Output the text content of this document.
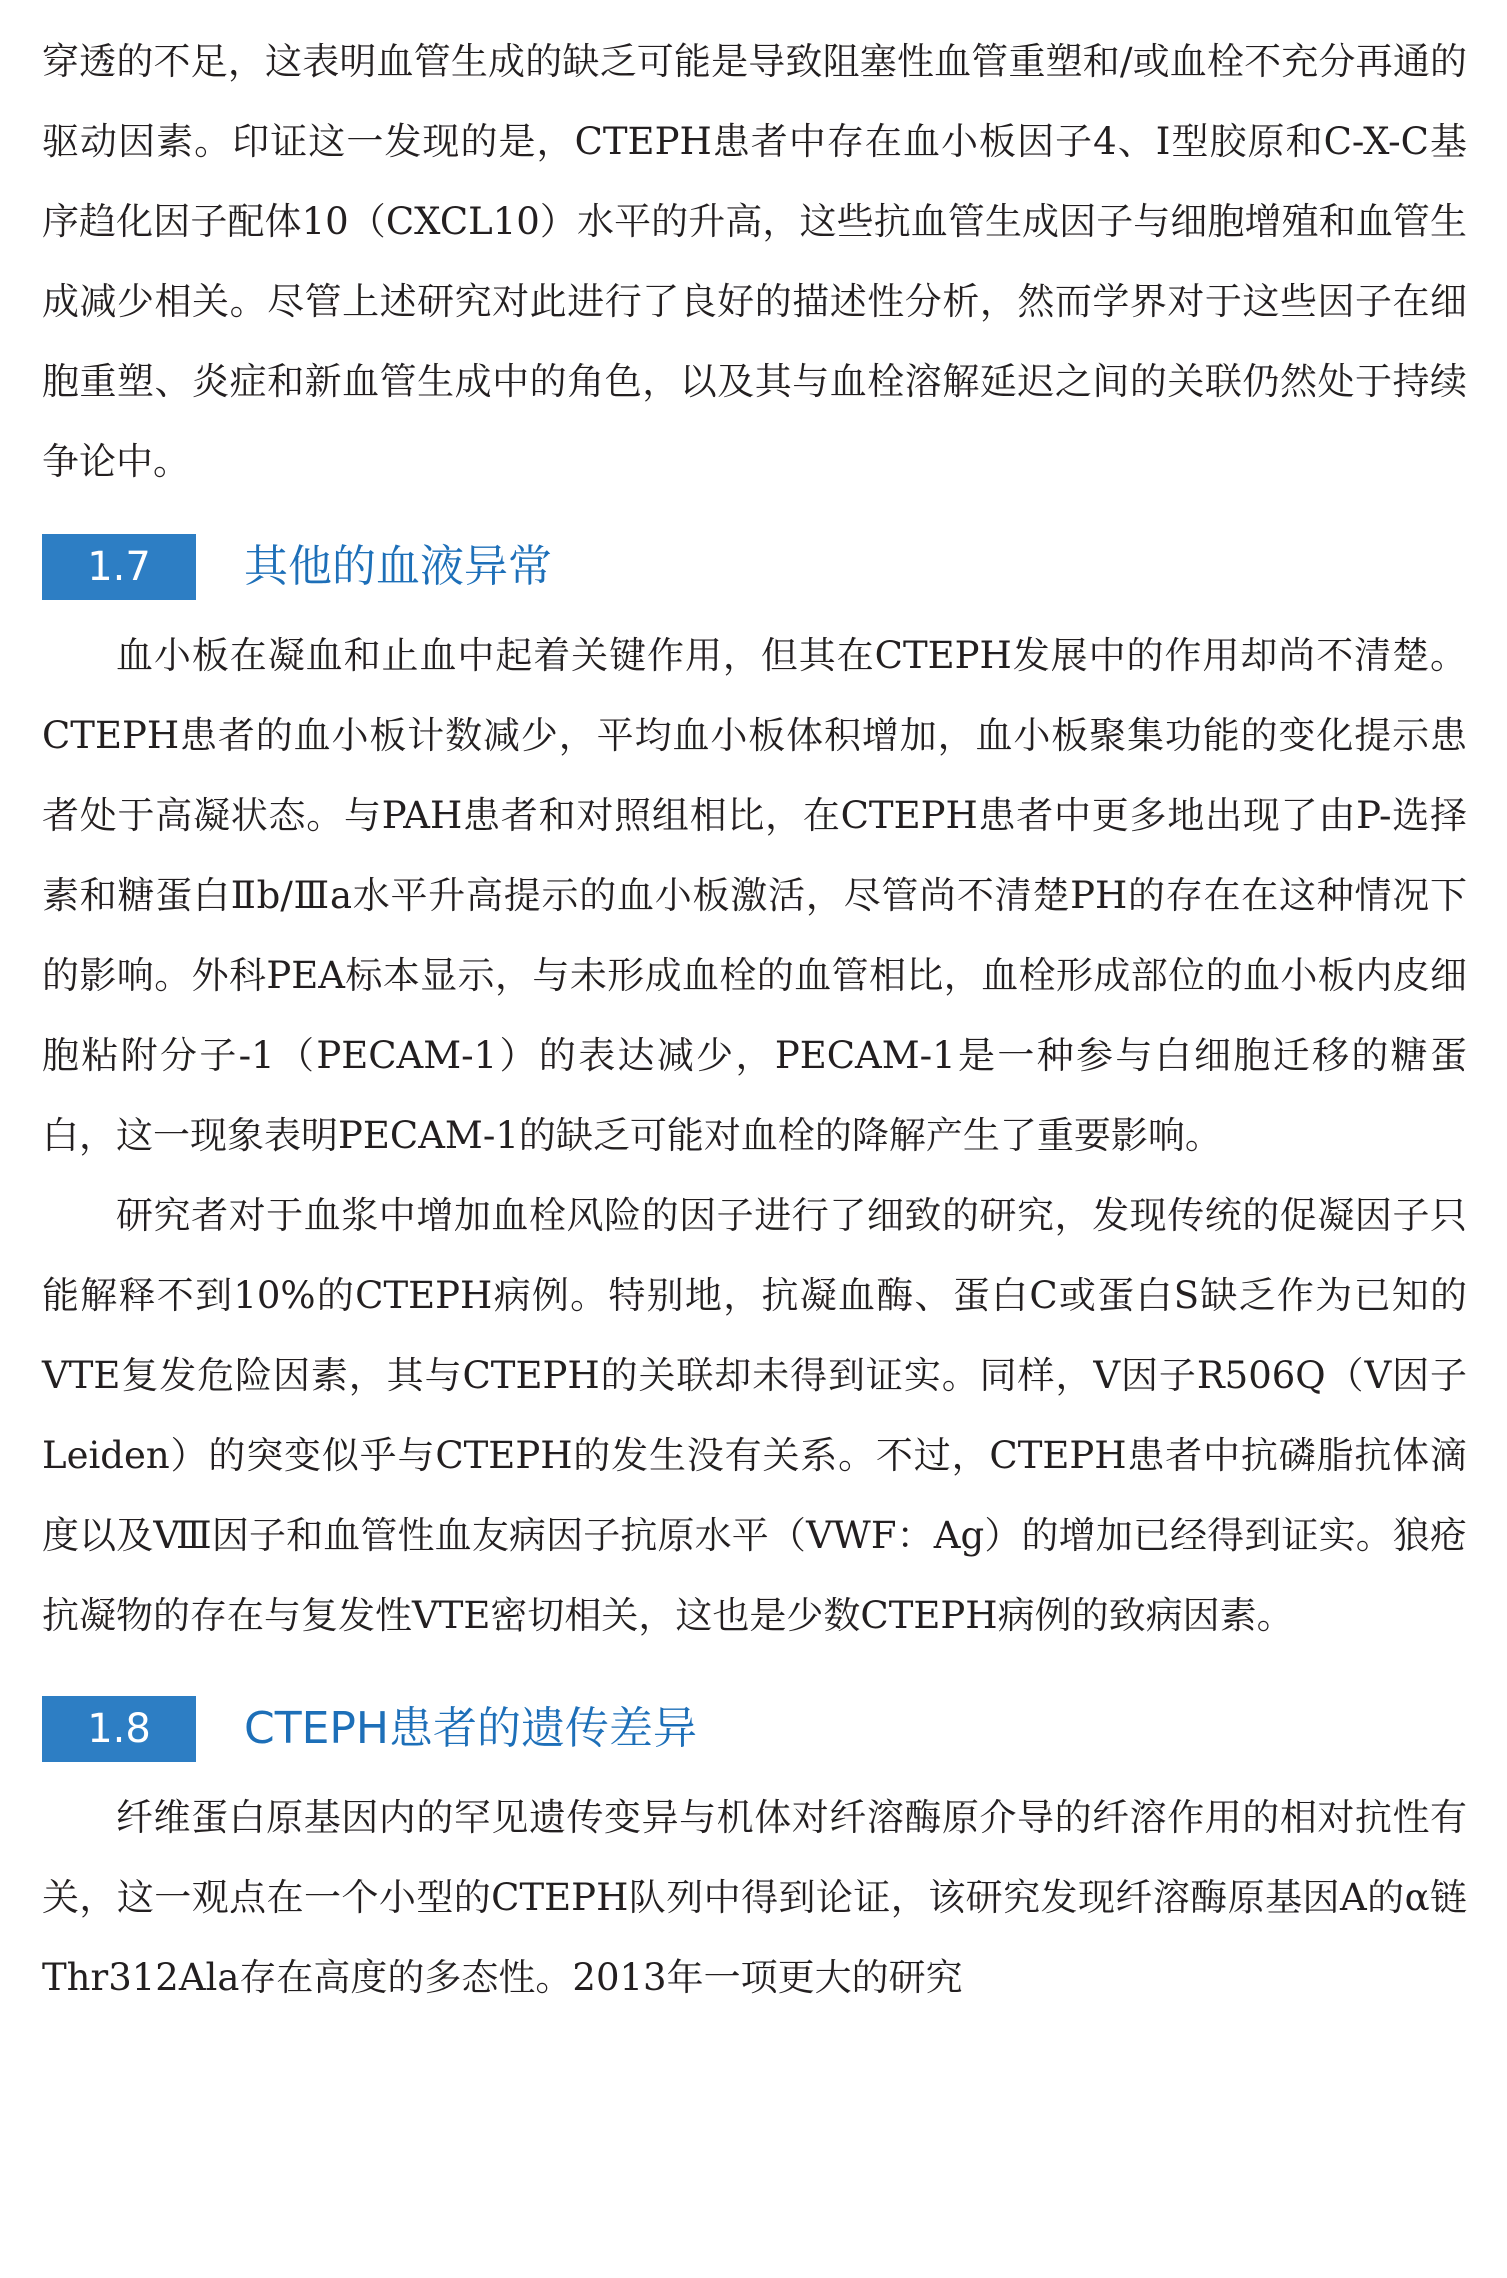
穿透的不足，这表明血管生成的缺乏可能是导致阻塞性血管重塑和/或血栓不充分再通的驱动因素。印证这一发现的是，CTEPH患者中存在血小板因子4、Ⅰ型胶原和C-X-C基序趋化因子配体10（CXCL10）水平的升高，这些抗血管生成因子与细胞增殖和血管生成减少相关。尽管上述研究对此进行了良好的描述性分析，然而学界对于这些因子在细胞重塑、炎症和新血管生成中的角色，以及其与血栓溶解延迟之间的关联仍然处于持续争论中。

1.7	其他的血液异常

血小板在凝血和止血中起着关键作用，但其在CTEPH发展中的作用却尚不清楚。CTEPH患者的血小板计数减少，平均血小板体积增加，血小板聚集功能的变化提示患者处于高凝状态。与PAH患者和对照组相比，在CTEPH患者中更多地出现了由P-选择素和糖蛋白Ⅱb/Ⅲa水平升高提示的血小板激活，尽管尚不清楚PH的存在在这种情况下的影响。外科PEA标本显示，与未形成血栓的血管相比，血栓形成部位的血小板内皮细胞粘附分子-1（PECAM-1）的表达减少，PECAM-1是一种参与白细胞迁移的糖蛋白，这一现象表明PECAM-1的缺乏可能对血栓的降解产生了重要影响。

研究者对于血浆中增加血栓风险的因子进行了细致的研究，发现传统的促凝因子只能解释不到10%的CTEPH病例。特别地，抗凝血酶、蛋白C或蛋白S缺乏作为已知的VTE复发危险因素，其与CTEPH的关联却未得到证实。同样，Ⅴ因子R506Q（Ⅴ因子Leiden）的突变似乎与CTEPH的发生没有关系。不过，CTEPH患者中抗磷脂抗体滴度以及Ⅷ因子和血管性血友病因子抗原水平（VWF：Ag）的增加已经得到证实。狼疮抗凝物的存在与复发性VTE密切相关，这也是少数CTEPH病例的致病因素。

1.8	CTEPH患者的遗传差异

纤维蛋白原基因内的罕见遗传变异与机体对纤溶酶原介导的纤溶作用的相对抗性有关，这一观点在一个小型的CTEPH队列中得到论证，该研究发现纤溶酶原基因A的α链Thr312Ala存在高度的多态性。2013年一项更大的研究
